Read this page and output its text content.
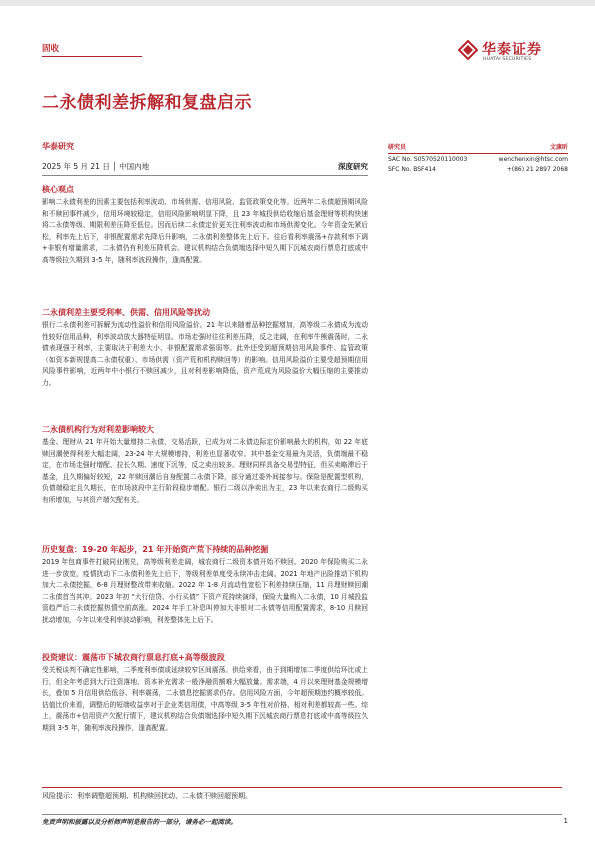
固收	华泰证券
HUATAI SECURITIES
二永债利差拆解和复盘启示
华泰研究
2025 年 5 月 21 日 │ 中国内地	深度研究
研究员	文康昕
SAC No. S0570520110003	wenchenxin@htsc.com
SFC No. BSF414	+(86) 21 2897 2068
核心观点
影响二永债利差的因素主要包括利率波动、市场供需、信用风险、监管政策变化等。近两年二永债超预期风险和不赎回事件减少，信用环境较稳定，信用风险影响明显下降，且 23 年城投供给收缩后基金理财等机构快速将二永债等级、期限利差压降至低位。因而后续二永债定价更关注利率波动和市场供需变化。今年资金先紧后松，利率先上后下，非银配置需求先降后升影响，二永债利差整体先上后下。往后看利率震荡+存款利率下调+非银有增量需求，二永债仍有利差压降机会。建议机构结合负债端选择中短久期下沉城农商行票息打底或中高等级拉久期到 3-5 年，随利率波段操作，逢高配置。
二永债利差主要受利率、供需、信用风险等扰动
银行二永债利差可拆解为流动性溢价和信用风险溢价。21 年以来随着品种挖掘增加，高等级二永债成为流动性较好信用品种，利率波动放大器特征明显。市场走强时往往利差压降，反之走阔，在利率牛熊震荡时，二永债表现强于利率，主要取决于利差大小、非银配置需求强弱等。此外还受到超预期信用风险事件、监管政策（如资本新规提高二永债权重）、市场供需（资产荒和机构赎回等）的影响。信用风险溢价主要受超预期信用风险事件影响，近两年中小银行不赎回减少，且对利差影响降低，资产荒成为风险溢价大幅压缩的主要推动力。
二永债机构行为对利差影响较大
基金、理财从 21 年开始大量增持二永债，交易活跃，已成为对二永债边际定价影响最大的机构，如 22 年底赎回潮使得利差大幅走阔，23-24 年大规模增持，利差也显著收窄。其中基金交易最为灵活，负债端最不稳定，在市场走强时增配、拉长久期、速度下沉等，反之卖出较多。理财同样具备交易型特征，但买卖略滞后于基金，且久期偏好较短，22 年赎回潮后自身配置二永债下降，部分通过委外间接参与。保险是配置型机构，负债端稳定且久期长，在市场波段中主行阶段稳步增配。银行二级以净卖出为主，23 年以来农商行二级购买有所增加，与其资产端欠配有关。
历史复盘：19-20 年起步，21 年开始资产荒下持续的品种挖掘
2019 年包商事件打破同业刚兑，高等级利差走阔，城农商行二级资本债开始不赎回。2020 年保险购买二永进一步放宽，疫情扰动下二永债利差先上后下，等级利差单度受永续冲击走阔。2021 年地产出险推动下机构加大二永债挖掘，6-8 月理财整改带来收缩。2022 年 1-8 月流动性宽松下利差持续压缩，11 月理财赎回潮二永债首当其冲。2023 年初 “大行信贷、小行买债” 下资产荒持续演绎，保险大量购入二永债，10 月城投监管趋严后二永债挖掘热情空前高涨。2024 年手工补息叫停加大非银对二永债等信用配置需求，8-10 月赎回扰动增加，今年以来受利率波动影响，利差整体先上后下。
投资建议：震荡市下城农商行票息打底+高等级波段
受关税谈判不确定性影响，二季度利率债或延续较窄区间震荡。供给来看，由于到期增加二季度供给环比或上行，但全年考虑到大行注资落地、资本补充需求一般净融资额难大幅放量。需求端，4 月以来理财基金规模增长，叠加 5 月信用供给低谷、利率震荡，二永债息挖掘需求仍存。信用风险方面，今年超预期违约概率较低。估值比价来看，调整后的短端收益率对于企业类信用债，中高等级 3-5 年性对价格、相对利差都较高一些。综上，震荡市+信用资产欠配行情下，建议机构结合负债端选择中短久期下沉城农商行票息打底或中高等级拉久期到 3-5 年，随利率波段操作，逢高配置。
风险提示：利率调整超预期、机构赎回扰动、二永债不赎回超预期。
免责声明和披露以及分析师声明是报告的一部分，请务必一起阅读。	1
